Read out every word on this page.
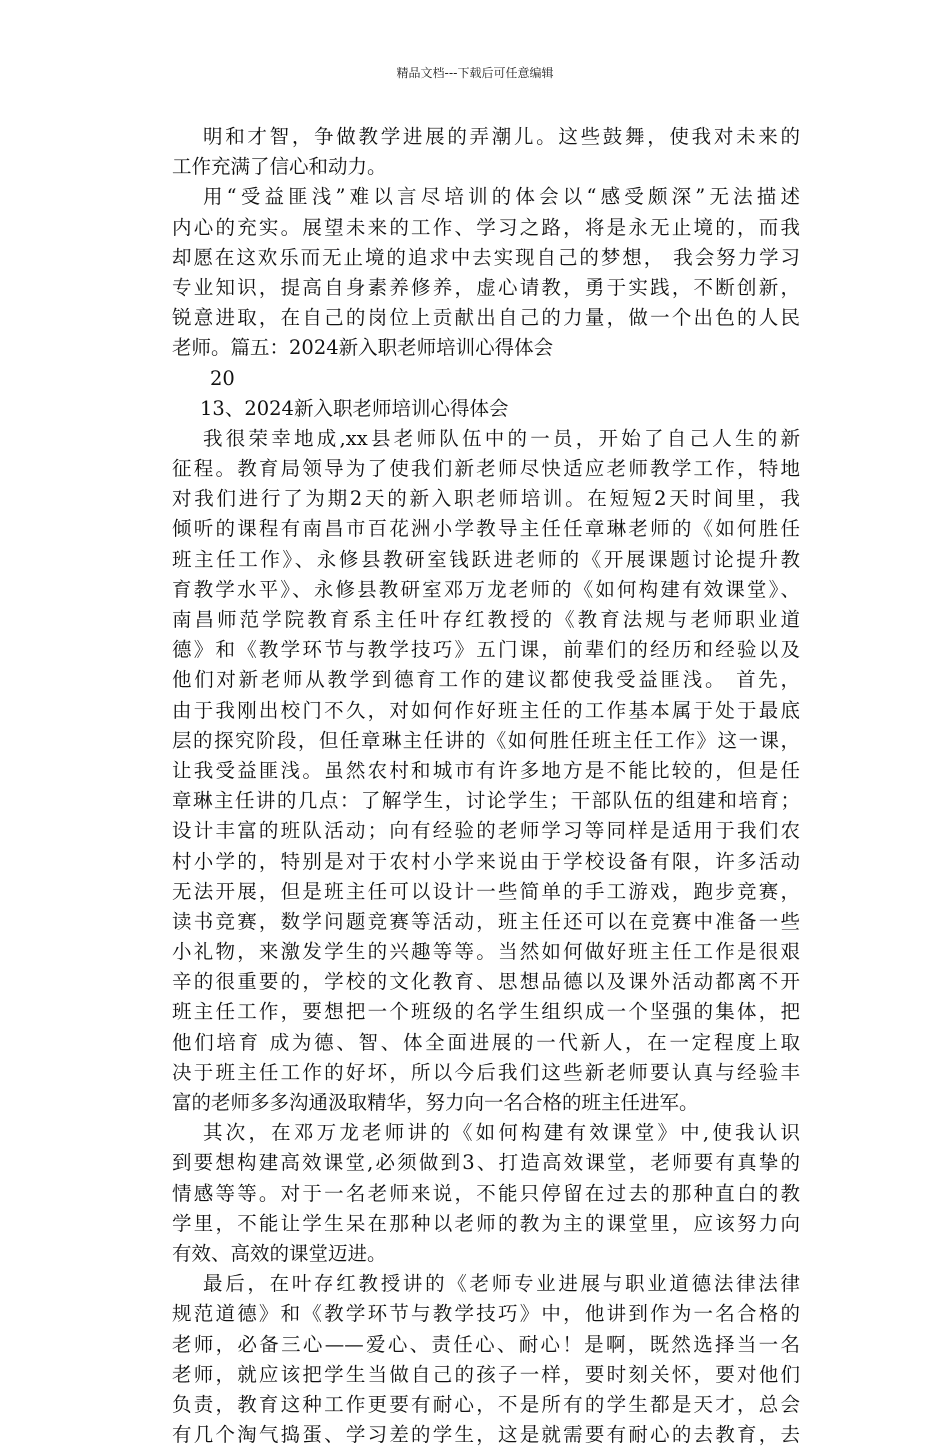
精品文档---下载后可任意编辑
明和才智，争做教学进展的弄潮儿。这些鼓舞，使我对未来的
工作充满了信心和动力。
用“受益匪浅”难以言尽培训的体会以“感受颇深”无法描述
内心的充实。展望未来的工作、学习之路，将是永无止境的，而我
却愿在这欢乐而无止境的追求中去实现自己的梦想， 我会努力学习
专业知识，提高自身素养修养，虚心请教，勇于实践，不断创新，
锐意进取，在自己的岗位上贡献出自己的力量，做一个出色的人民
老师。篇五：2024新入职老师培训心得体会
20
13、2024新入职老师培训心得体会
我很荣幸地成,xx县老师队伍中的一员，开始了自己人生的新
征程。教育局领导为了使我们新老师尽快适应老师教学工作，特地
对我们进行了为期2天的新入职老师培训。在短短2天时间里，我
倾听的课程有南昌市百花洲小学教导主任任章琳老师的《如何胜任
班主任工作》、永修县教研室钱跃进老师的《开展课题讨论提升教
育教学水平》、永修县教研室邓万龙老师的《如何构建有效课堂》、
南昌师范学院教育系主任叶存红教授的《教育法规与老师职业道
德》和《教学环节与教学技巧》五门课，前辈们的经历和经验以及
他们对新老师从教学到德育工作的建议都使我受益匪浅。 首先，
由于我刚出校门不久，对如何作好班主任的工作基本属于处于最底
层的探究阶段，但任章琳主任讲的《如何胜任班主任工作》这一课，
让我受益匪浅。虽然农村和城市有许多地方是不能比较的，但是任
章琳主任讲的几点：了解学生，讨论学生；干部队伍的组建和培育；
设计丰富的班队活动；向有经验的老师学习等同样是适用于我们农
村小学的，特别是对于农村小学来说由于学校设备有限，许多活动
无法开展，但是班主任可以设计一些简单的手工游戏，跑步竞赛，
读书竞赛，数学问题竞赛等活动，班主任还可以在竞赛中准备一些
小礼物，来激发学生的兴趣等等。当然如何做好班主任工作是很艰
辛的很重要的，学校的文化教育、思想品德以及课外活动都离不开
班主任工作，要想把一个班级的名学生组织成一个坚强的集体，把
他们培育 成为德、智、体全面进展的一代新人，在一定程度上取
决于班主任工作的好坏，所以今后我们这些新老师要认真与经验丰
富的老师多多沟通汲取精华，努力向一名合格的班主任进军。
其次，在邓万龙老师讲的《如何构建有效课堂》中,使我认识
到要想构建高效课堂,必须做到3、打造高效课堂，老师要有真挚的
情感等等。对于一名老师来说，不能只停留在过去的那种直白的教
学里，不能让学生呆在那种以老师的教为主的课堂里，应该努力向
有效、高效的课堂迈进。
最后，在叶存红教授讲的《老师专业进展与职业道德法律法律
规范道德》和《教学环节与教学技巧》中，他讲到作为一名合格的
老师，必备三心——爱心、责任心、耐心！是啊，既然选择当一名
老师，就应该把学生当做自己的孩子一样，要时刻关怀，要对他们
负责，教育这种工作更要有耐心，不是所有的学生都是天才，总会
有几个淘气捣蛋、学习差的学生，这是就需要有耐心的去教育，去
